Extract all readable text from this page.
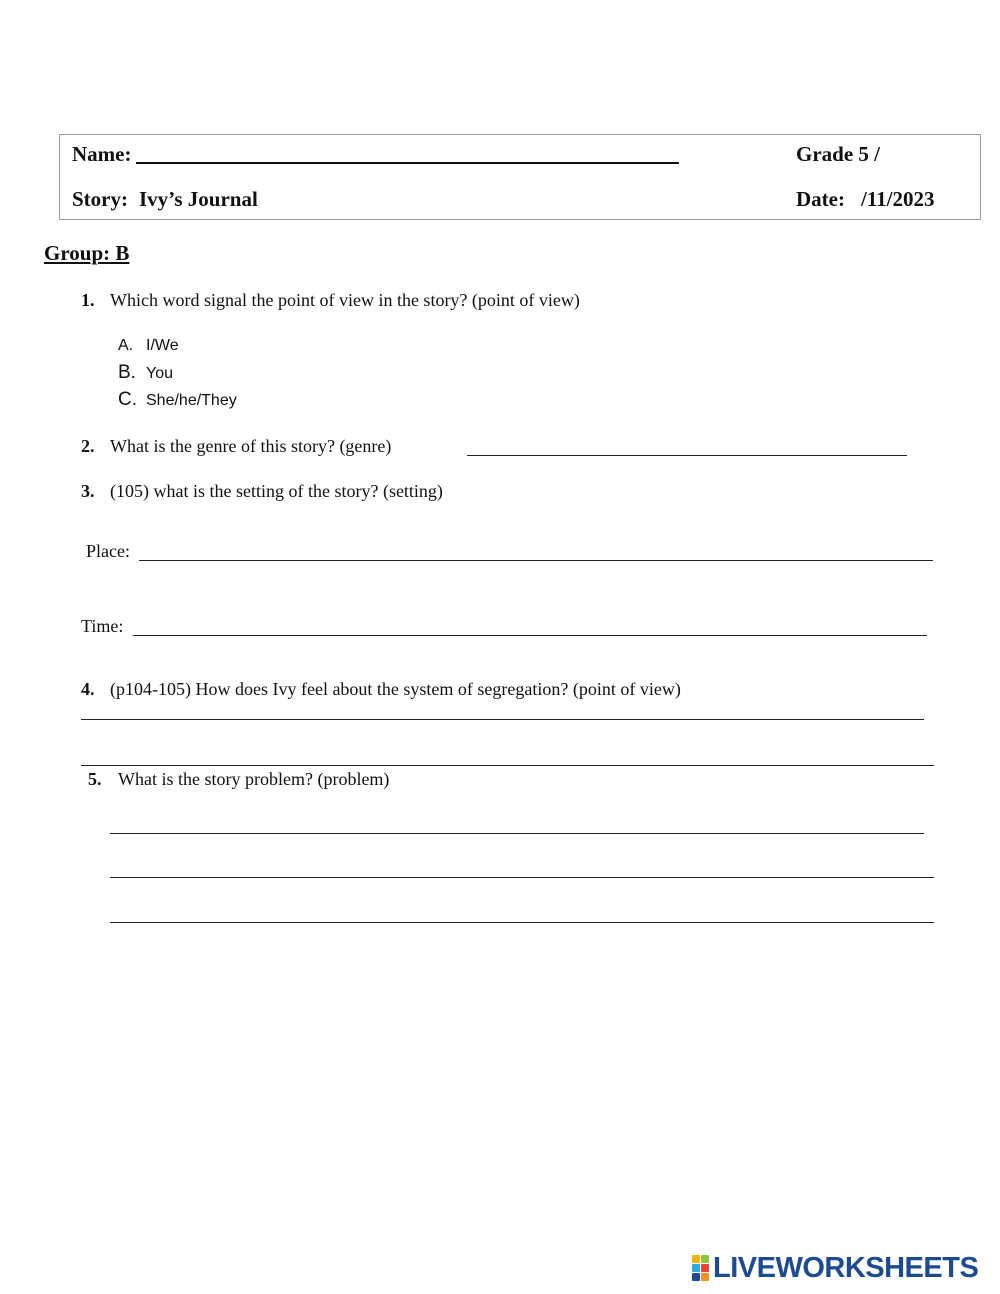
Name:	Grade 5 /
Story: Ivy’s Journal	Date: /11/2023
Group: B
1. Which word signal the point of view in the story? (point of view)
A. I/We
B. You
C. She/he/They
2. What is the genre of this story? (genre)
3. (105) what is the setting of the story? (setting)
Place:
Time:
4. (p104-105) How does Ivy feel about the system of segregation? (point of view)
5. What is the story problem? (problem)
LIVEWORKSHEETS
